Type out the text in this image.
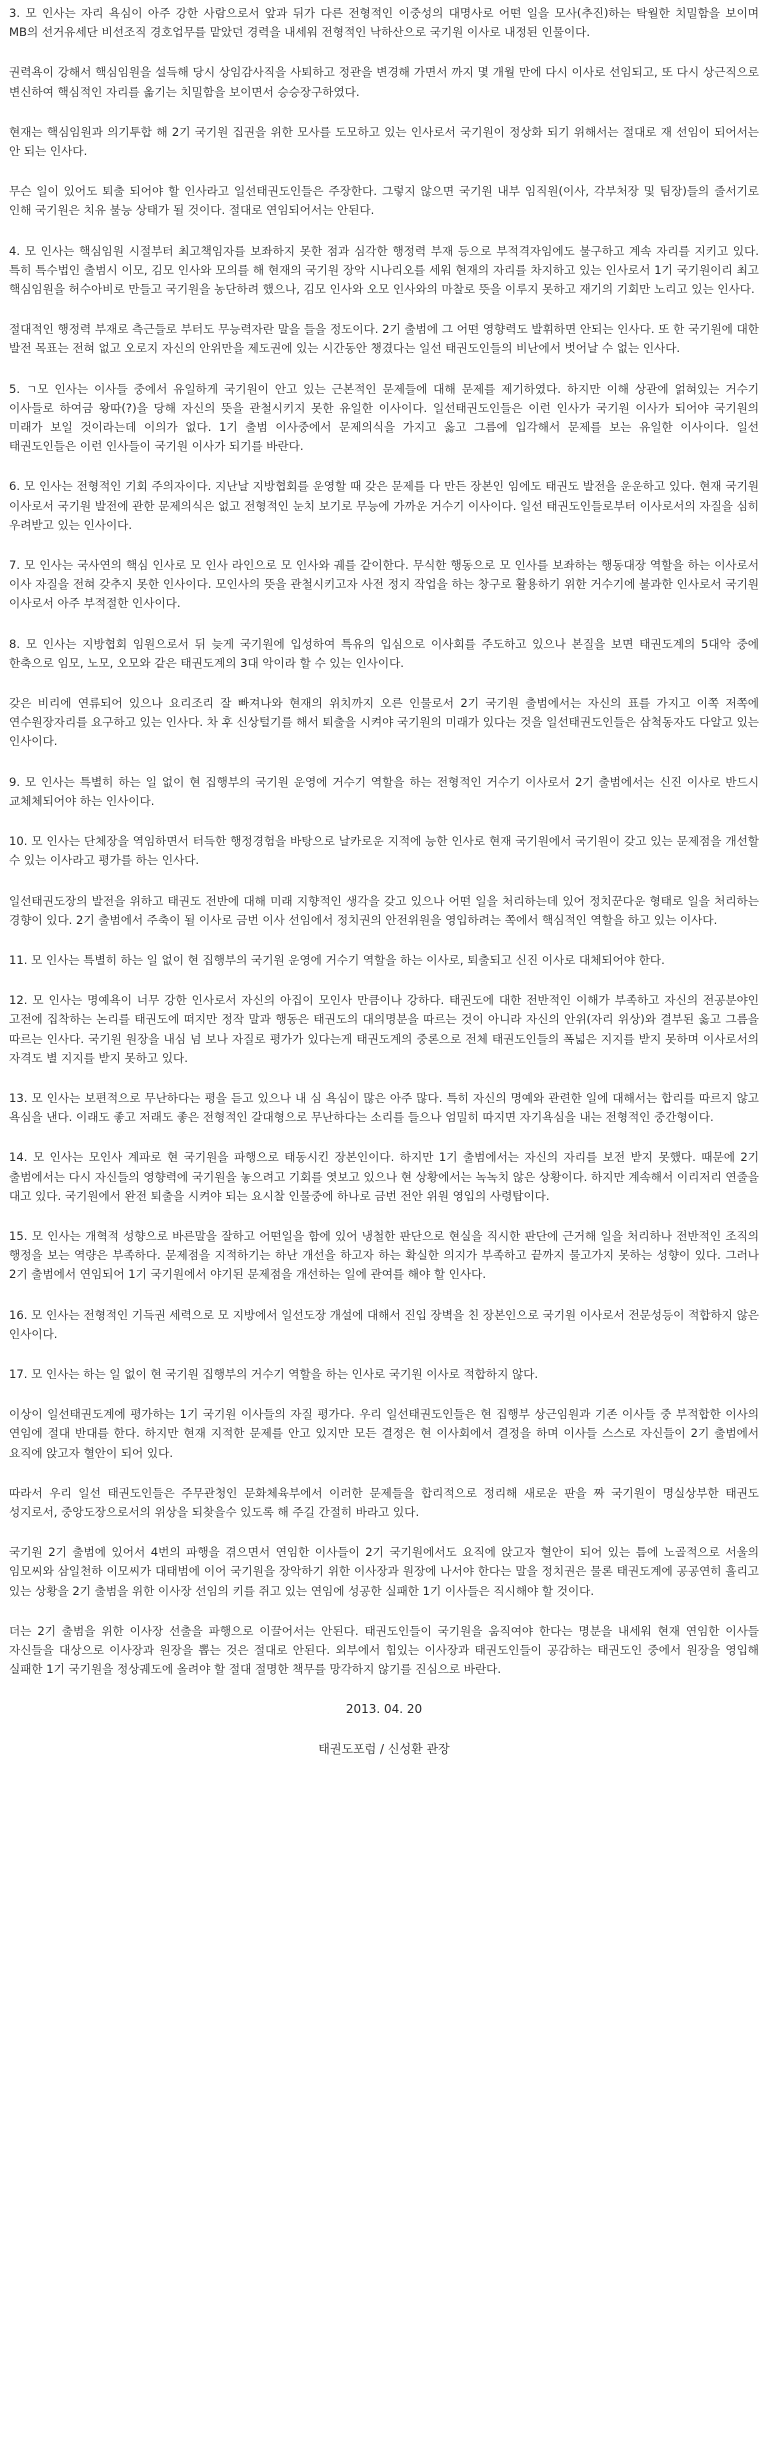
3. 모 인사는 자리 욕심이 아주 강한 사람으로서 앞과 뒤가 다른 전형적인 이중성의 대명사로 어떤 일을 모사(추진)하는 탁월한 치밀함을 보이며 MB의 선거유세단 비선조직 경호업무를 맡았던 경력을 내세워 전형적인 낙하산으로 국기원 이사로 내정된 인물이다.

권력욕이 강해서 핵심임원을 설득해 당시 상임감사직을 사퇴하고 정관을 변경해 가면서 까지 몇 개월 만에 다시 이사로 선임되고, 또 다시 상근직으로 변신하여 핵심적인 자리를 옮기는 치밀함을 보이면서 승승장구하였다.

현재는 핵심임원과 의기투합 해 2기 국기원 집권을 위한 모사를 도모하고 있는 인사로서 국기원이 정상화 되기 위해서는 절대로 재 선임이 되어서는 안 되는 인사다.

무슨 일이 있어도 퇴출 되어야 할 인사라고 일선태권도인들은 주장한다. 그렇지 않으면 국기원 내부 임직원(이사, 각부처장 및 팀장)들의 줄서기로 인해 국기원은 치유 불능 상태가 될 것이다. 절대로 연임되어서는 안된다.

4. 모 인사는 핵심임원 시절부터 최고책임자를 보좌하지 못한 점과 심각한 행정력 부재 등으로 부적격자임에도 불구하고 계속 자리를 지키고 있다. 특히 특수법인 출범시 이모, 김모 인사와 모의를 해 현재의 국기원 장악 시나리오를 세워 현재의 자리를 차지하고 있는 인사로서 1기 국기원이리 최고 핵심임원을 허수아비로 만들고 국기원을 농단하려 했으나, 김모 인사와 오모 인사와의 마찰로 뜻을 이루지 못하고 재기의 기회만 노리고 있는 인사다.

절대적인 행정력 부재로 측근들로 부터도 무능력자란 말을 들을 정도이다. 2기 출범에 그 어떤 영향력도 발휘하면 안되는 인사다. 또 한 국기원에 대한 발전 목표는 전혀 없고 오로지 자신의 안위만을 제도권에 있는 시간동안 챙겼다는 일선 태권도인들의 비난에서 벗어날 수 없는 인사다.

5. ㄱ모 인사는 이사들 중에서 유일하게 국기원이 안고 있는 근본적인 문제들에 대해 문제를 제기하였다. 하지만 이해 상관에 얽혀있는 거수기 이사들로 하여금 왕따(?)을 당해 자신의 뜻을 관철시키지 못한 유일한 이사이다. 일선태권도인들은 이런 인사가 국기원 이사가 되어야 국기원의 미래가 보일 것이라는데 이의가 없다. 1기 출범 이사중에서 문제의식을 가지고 옳고 그름에 입각해서 문제를 보는 유일한 이사이다. 일선 태권도인들은 이런 인사들이 국기원 이사가 되기를 바란다.

6. 모 인사는 전형적인 기회 주의자이다. 지난날 지방협회를 운영할 때 갖은 문제를 다 만든 장본인 임에도 태권도 발전을 운운하고 있다. 현재 국기원 이사로서 국기원 발전에 관한 문제의식은 없고 전형적인 눈치 보기로 무능에 가까운 거수기 이사이다. 일선 태권도인들로부터 이사로서의 자질을 심히 우려받고 있는 인사이다.

7. 모 인사는 국사연의 핵심 인사로 모 인사 라인으로 모 인사와 궤를 같이한다. 무식한 행동으로 모 인사를 보좌하는 행동대장 역할을 하는 이사로서 이사 자질을 전혀 갖추지 못한 인사이다. 모인사의 뜻을 관철시키고자 사전 정지 작업을 하는 창구로 활용하기 위한 거수기에 불과한 인사로서 국기원 이사로서 아주 부적절한 인사이다.

8. 모 인사는 지방협회 임원으로서 뒤 늦게 국기원에 입성하여 특유의 입심으로 이사회를 주도하고 있으나 본질을 보면 태권도계의 5대악 중에 한축으로 임모, 노모, 오모와 같은 태권도계의 3대 악이라 할 수 있는 인사이다.

갖은 비리에 연류되어 있으나 요리조리 잘 빠져나와 현재의 위치까지 오른 인물로서 2기 국기원 출범에서는 자신의 표를 가지고 이쪽 저쪽에 연수원장자리를 요구하고 있는 인사다. 차 후 신상털기를 해서 퇴출을 시켜야 국기원의 미래가 있다는 것을 일선태권도인들은 삼척동자도 다알고 있는 인사이다.

9. 모 인사는 특별히 하는 일 없이 현 집행부의 국기원 운영에 거수기 역할을 하는 전형적인 거수기 이사로서 2기 출범에서는 신진 이사로 반드시 교체체되어야 하는 인사이다.

10. 모 인사는 단체장을 역임하면서 터득한 행정경험을 바탕으로 날카로운 지적에 능한 인사로 현재 국기원에서 국기원이 갖고 있는 문제점을 개선할 수 있는 이사라고 평가를 하는 인사다.

일선태권도장의 발전을 위하고 태권도 전반에 대해 미래 지향적인 생각을 갖고 있으나 어떤 일을 처리하는데 있어 정치꾼다운 형태로 일을 처리하는 경향이 있다. 2기 출범에서 주축이 될 이사로 금번 이사 선임에서 정치권의 안전위원을 영입하려는 쪽에서 핵심적인 역할을 하고 있는 이사다.

11. 모 인사는 특별히 하는 일 없이 현 집행부의 국기원 운영에 거수기 역할을 하는 이사로, 퇴출되고 신진 이사로 대체되어야 한다.

12. 모 인사는 명예욕이 너무 강한 인사로서 자신의 아집이 모인사 만큼이나 강하다. 태권도에 대한 전반적인 이해가 부족하고 자신의 전공분야인 고전에 집착하는 논리를 태권도에 떠지만 정작 말과 행동은 태권도의 대의명분을 따르는 것이 아니라 자신의 안위(자리 위상)와 결부된 옳고 그름을 따르는 인사다. 국기원 원장을 내심 넘 보나 자질로 평가가 있다는게 태권도계의 중론으로 전체 태권도인들의 폭넓은 지지를 받지 못하며 이사로서의 자격도 별 지지를 받지 못하고 있다.

13. 모 인사는 보편적으로 무난하다는 평을 듣고 있으나 내 심 욕심이 많은 아주 많다. 특히 자신의 명예와 관련한 일에 대해서는 합리를 따르지 않고 욕심을 낸다. 이래도 좋고 저래도 좋은 전형적인 갈대형으로 무난하다는 소리를 들으나 엄밀히 따지면 자기욕심을 내는 전형적인 중간형이다.

14. 모 인사는 모인사 계파로 현 국기원을 파행으로 태동시킨 장본인이다. 하지만 1기 출범에서는 자신의 자리를 보전 받지 못했다. 때문에 2기 출범에서는 다시 자신들의 영향력에 국기원을 놓으려고 기회를 엿보고 있으나 현 상황에서는 녹녹치 않은 상황이다. 하지만 계속해서 이리저리 연줄을 대고 있다. 국기원에서 완전 퇴출을 시켜야 되는 요시찰 인물중에 하나로 금번 전안 위원 영입의 사령탑이다.

15. 모 인사는 개혁적 성향으로 바른말을 잘하고 어떤일을 함에 있어 냉철한 판단으로 현실을 직시한 판단에 근거해 일을 처리하나 전반적인 조직의 행정을 보는 역량은 부족하다. 문제점을 지적하기는 하난 개선을 하고자 하는 확실한 의지가 부족하고 끝까지 물고가지 못하는 성향이 있다. 그러나 2기 출범에서 연임되어 1기 국기원에서 야기된 문제점을 개선하는 일에 관여를 해야 할 인사다.

16. 모 인사는 전형적인 기득권 세력으로 모 지방에서 일선도장 개설에 대해서 진입 장벽을 친 장본인으로 국기원 이사로서 전문성등이 적합하지 않은 인사이다.

17. 모 인사는 하는 일 없이 현 국기원 집행부의 거수기 역할을 하는 인사로 국기원 이사로 적합하지 않다.

이상이 일선태권도계에 평가하는 1기 국기원 이사들의 자질 평가다. 우리 일선태권도인들은 현 집행부 상근임원과 기존 이사들 중 부적합한 이사의 연임에 절대 반대를 한다. 하지만 현재 지적한 문제를 안고 있지만 모든 결정은 현 이사회에서 결정을 하며 이사들 스스로 자신들이 2기 출범에서 요직에 앉고자 혈안이 되어 있다.

따라서 우리 일선 태권도인들은 주무관청인 문화체육부에서 이러한 문제들을 합리적으로 정리해 새로운 판을 짜 국기원이 명실상부한 태권도 성지로서, 중앙도장으로서의 위상을 되찾을수 있도록 해 주길 간절히 바라고 있다.

국기원 2기 출범에 있어서 4번의 파행을 겪으면서 연임한 이사들이 2기 국기원에서도 요직에 앉고자 혈안이 되어 있는 틈에 노골적으로 서울의 임모씨와 삼일천하 이모씨가 대태범에 이어 국기원을 장악하기 위한 이사장과 원장에 나서야 한다는 말을 정치권은 물론 태권도계에 공공연히 흘리고 있는 상황을 2기 출범을 위한 이사장 선임의 키를 쥐고 있는 연임에 성공한 실패한 1기 이사들은 직시해야 할 것이다.

더는 2기 출범을 위한 이사장 선출을 파행으로 이끌어서는 안된다. 태권도인들이 국기원을 움직여야 한다는 명분을 내세워 현재 연임한 이사들 자신들을 대상으로 이사장과 원장을 뽑는 것은 절대로 안된다. 외부에서 힘있는 이사장과 태권도인들이 공감하는 태권도인 중에서 원장을 영입해 실패한 1기 국기원을 정상궤도에 올려야 할 절대 절명한 책무를 망각하지 않기를 진심으로 바란다.

2013. 04. 20

태권도포럼 / 신성환 관장
